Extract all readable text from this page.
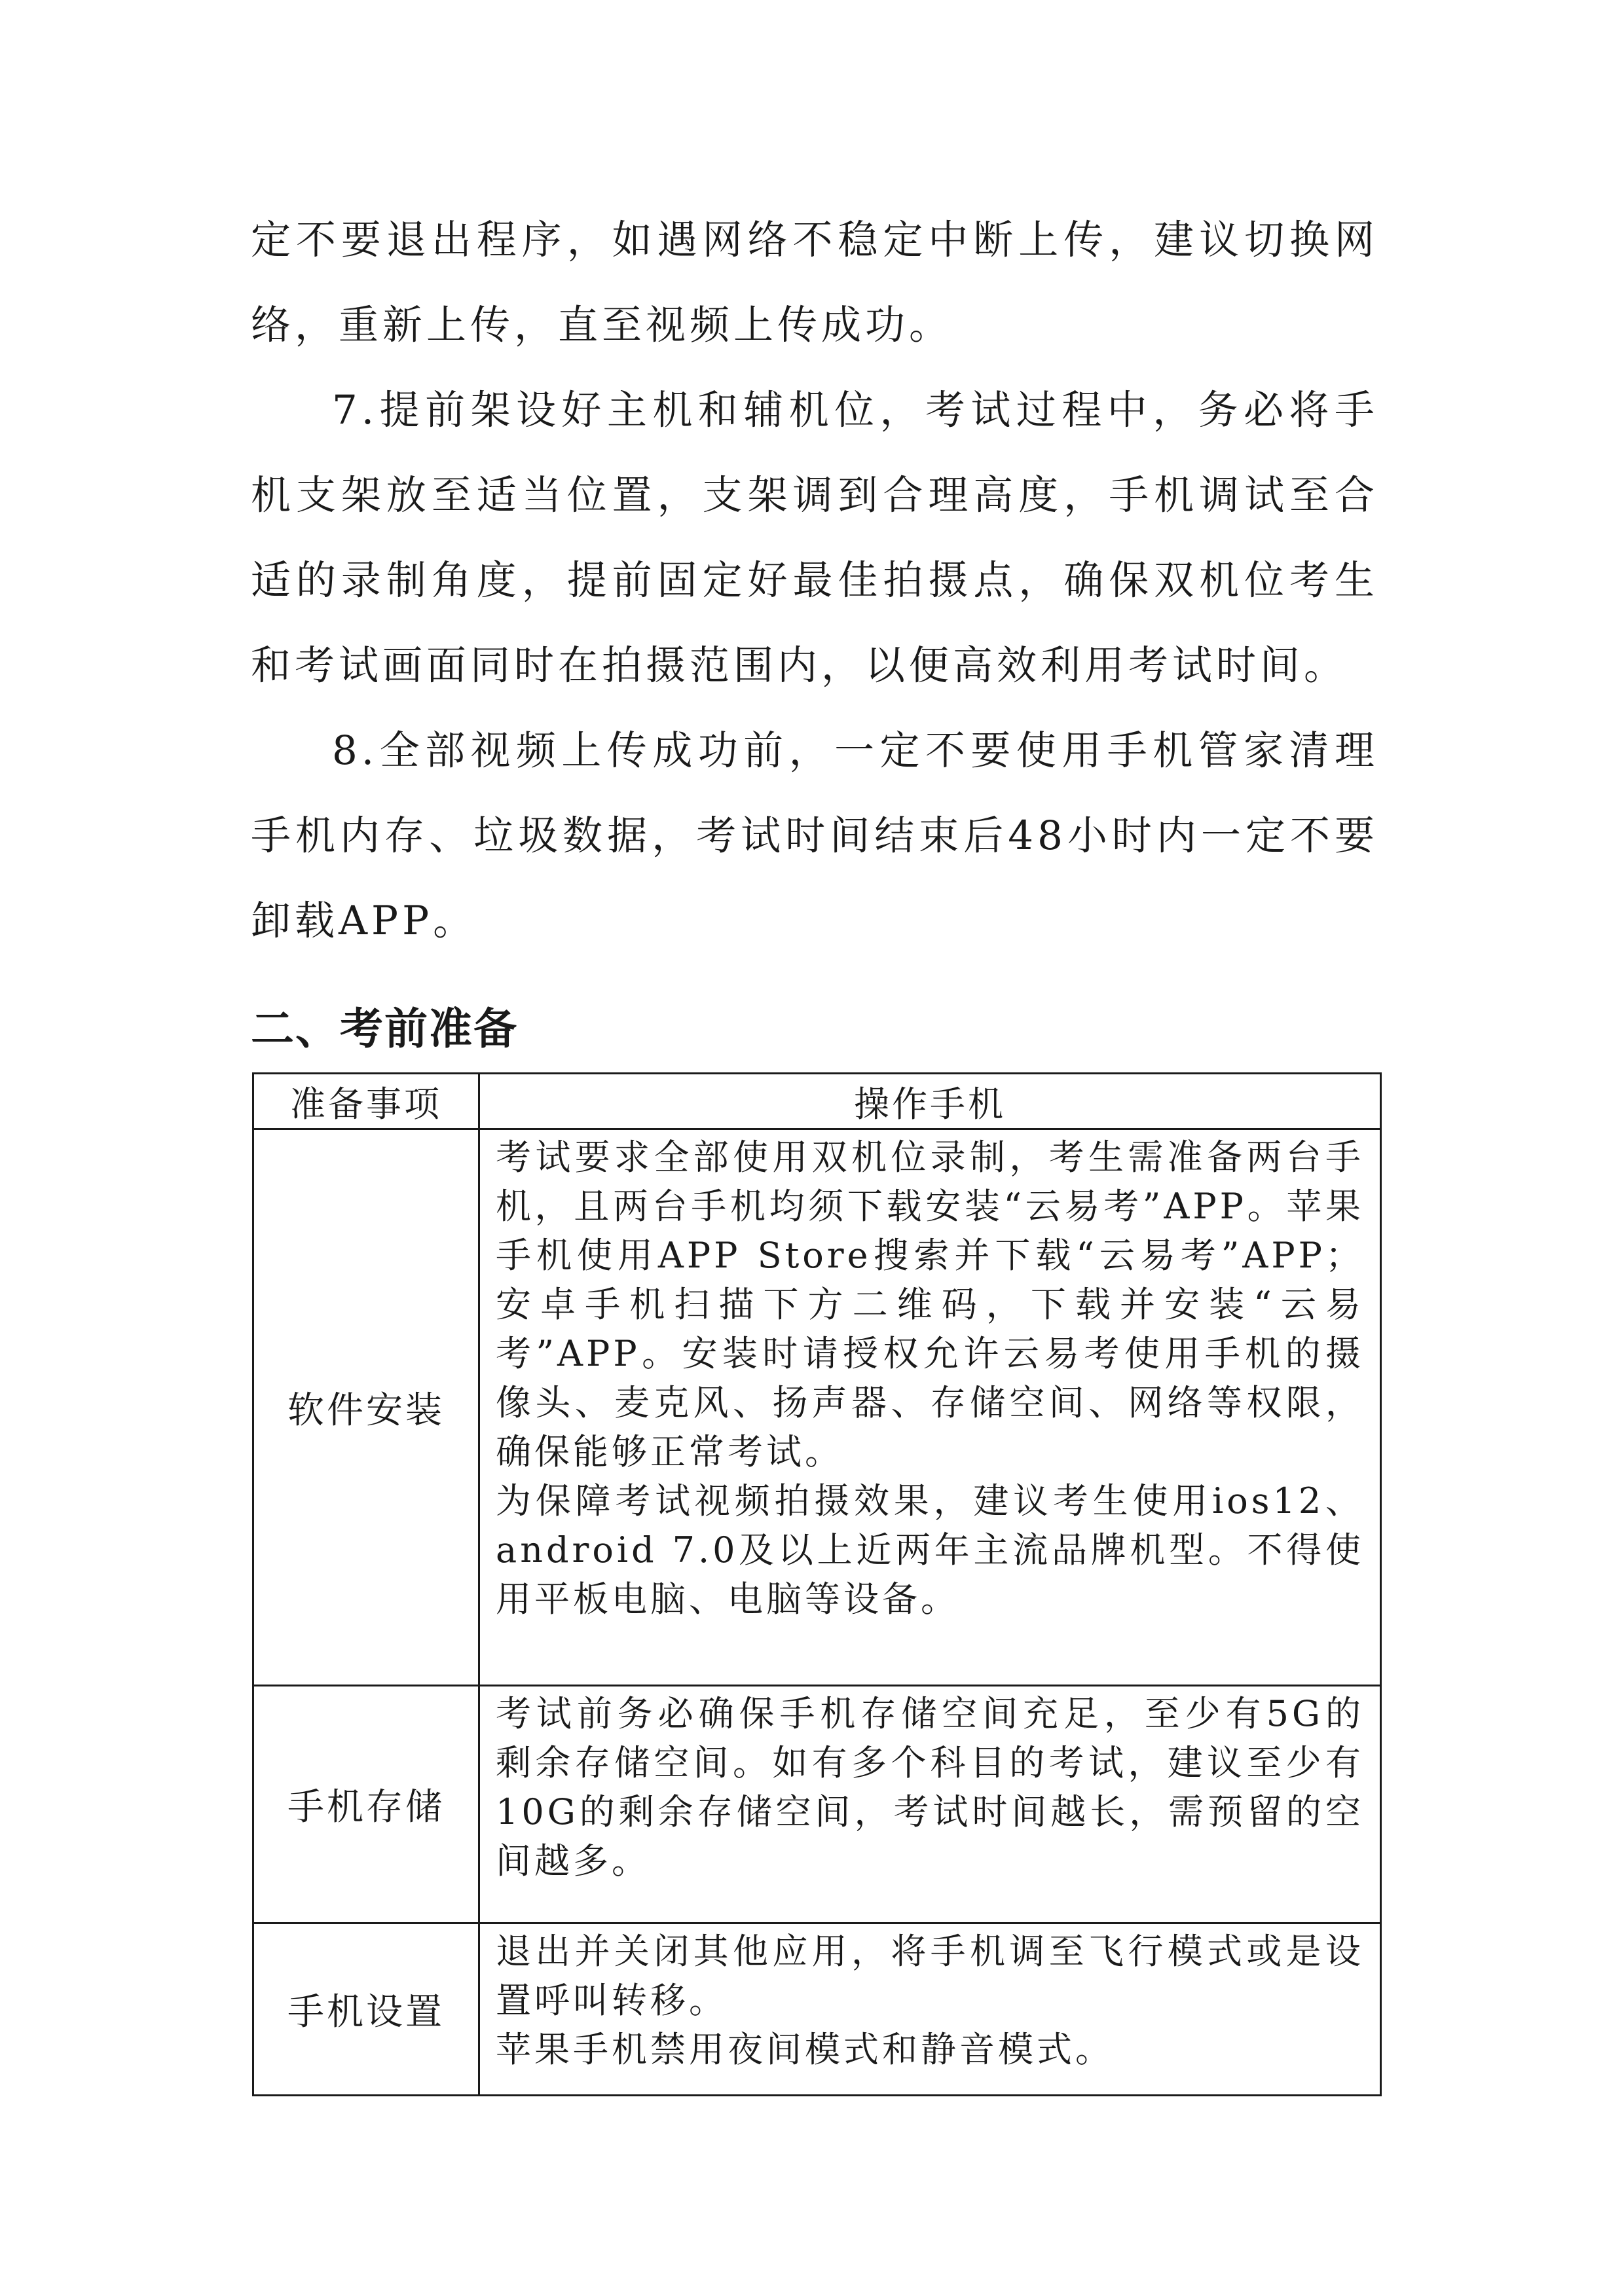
定不要退出程序，如遇网络不稳定中断上传，建议切换网络，重新上传，直至视频上传成功。

7.提前架设好主机和辅机位，考试过程中，务必将手机支架放至适当位置，支架调到合理高度，手机调试至合适的录制角度，提前固定好最佳拍摄点，确保双机位考生和考试画面同时在拍摄范围内，以便高效利用考试时间。

8.全部视频上传成功前，一定不要使用手机管家清理手机内存、垃圾数据，考试时间结束后48小时内一定不要卸载APP。

二、考前准备
准备事项	操作手机
软件安装	考试要求全部使用双机位录制，考生需准备两台手机，且两台手机均须下载安装“云易考”APP。苹果手机使用APP Store搜索并下载“云易考”APP；安卓手机扫描下方二维码，下载并安装“云易考”APP。安装时请授权允许云易考使用手机的摄像头、麦克风、扬声器、存储空间、网络等权限，确保能够正常考试。

为保障考试视频拍摄效果，建议考生使用ios12、android 7.0及以上近两年主流品牌机型。不得使用平板电脑、电脑等设备。

手机存储	考试前务必确保手机存储空间充足，至少有5G的剩余存储空间。如有多个科目的考试，建议至少有10G的剩余存储空间，考试时间越长，需预留的空间越多。

手机设置	退出并关闭其他应用，将手机调至飞行模式或是设置呼叫转移。

苹果手机禁用夜间模式和静音模式。
